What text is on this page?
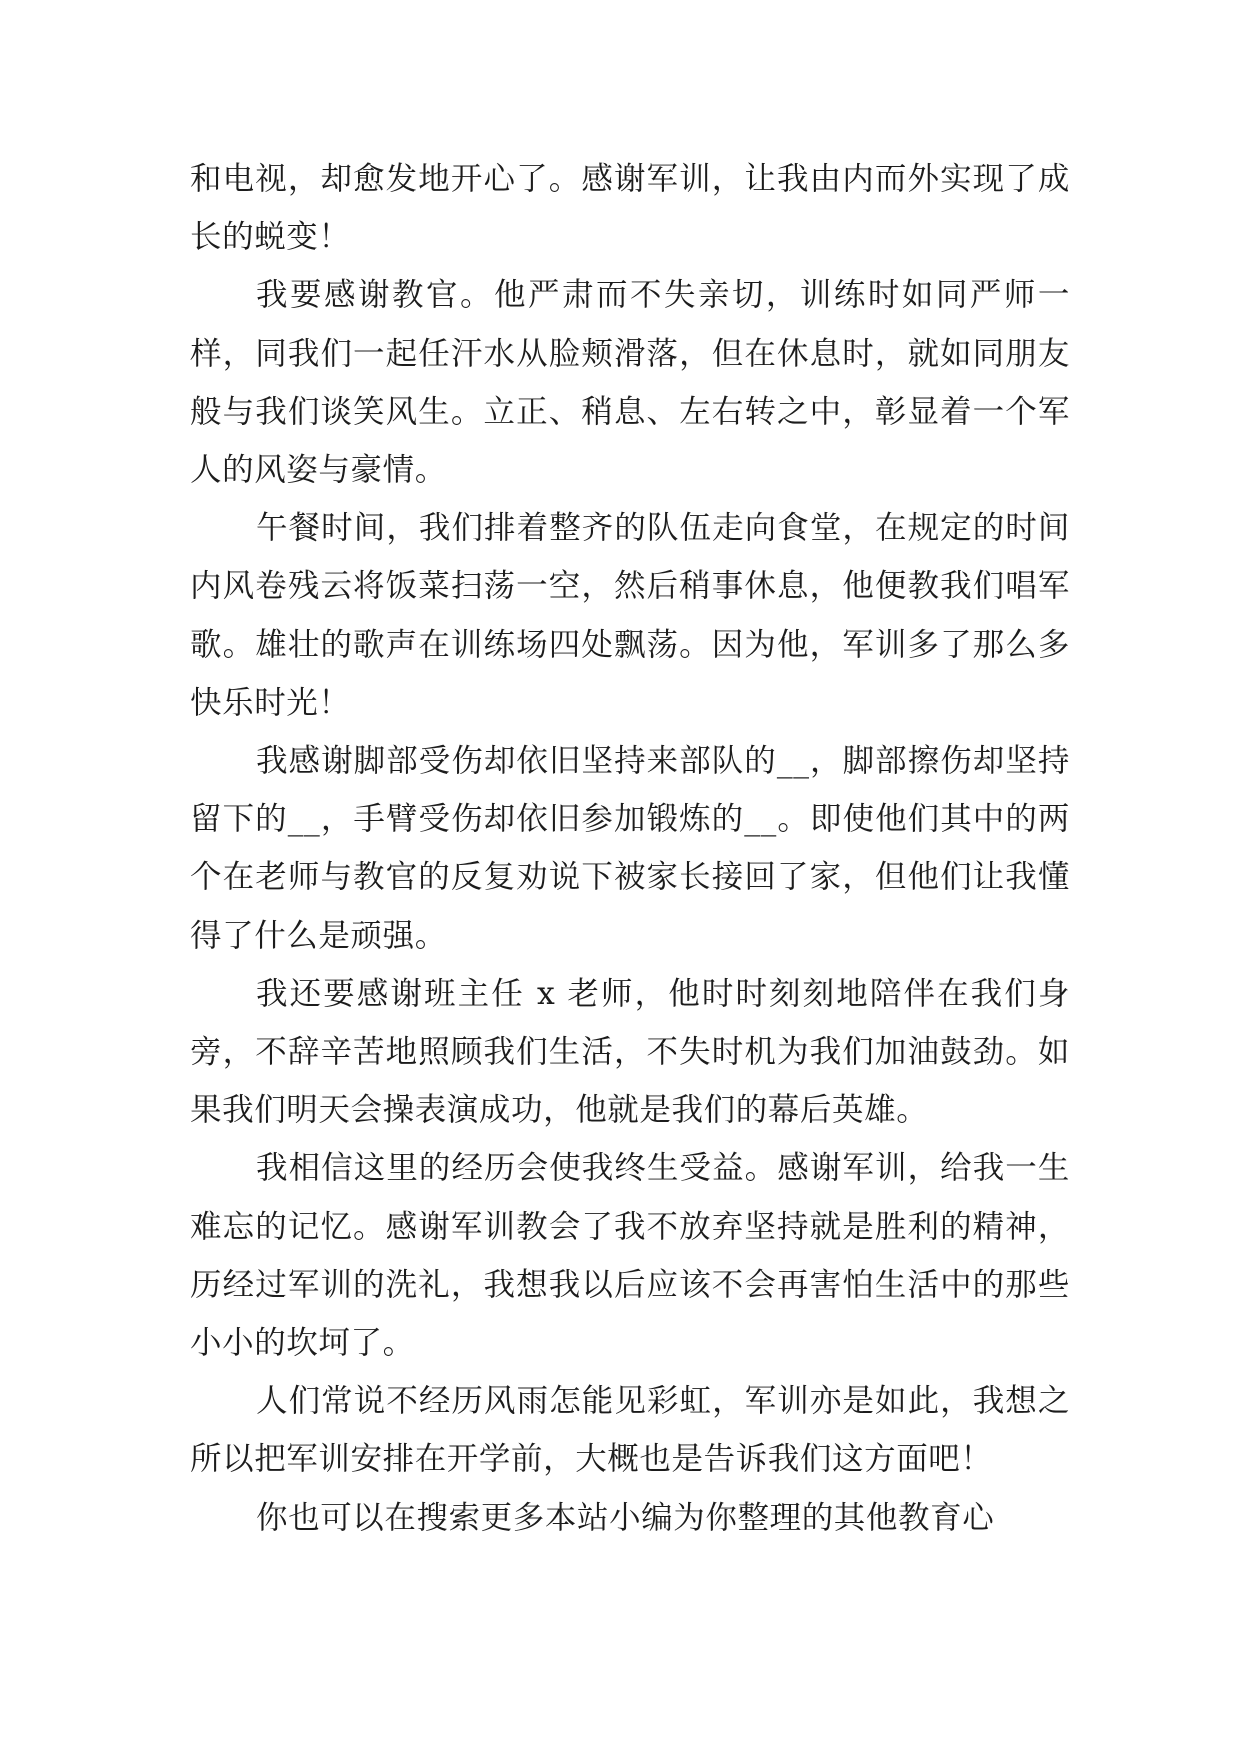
和电视，却愈发地开心了。感谢军训，让我由内而外实现了成长的蜕变！

我要感谢教官。他严肃而不失亲切，训练时如同严师一样，同我们一起任汗水从脸颊滑落，但在休息时，就如同朋友般与我们谈笑风生。立正、稍息、左右转之中，彰显着一个军人的风姿与豪情。

午餐时间，我们排着整齐的队伍走向食堂，在规定的时间内风卷残云将饭菜扫荡一空，然后稍事休息，他便教我们唱军歌。雄壮的歌声在训练场四处飘荡。因为他，军训多了那么多快乐时光！

我感谢脚部受伤却依旧坚持来部队的__，脚部擦伤却坚持留下的__，手臂受伤却依旧参加锻炼的__。即使他们其中的两个在老师与教官的反复劝说下被家长接回了家，但他们让我懂得了什么是顽强。

我还要感谢班主任 x 老师，他时时刻刻地陪伴在我们身旁，不辞辛苦地照顾我们生活，不失时机为我们加油鼓劲。如果我们明天会操表演成功，他就是我们的幕后英雄。

我相信这里的经历会使我终生受益。感谢军训，给我一生难忘的记忆。感谢军训教会了我不放弃坚持就是胜利的精神，历经过军训的洗礼，我想我以后应该不会再害怕生活中的那些小小的坎坷了。

人们常说不经历风雨怎能见彩虹，军训亦是如此，我想之所以把军训安排在开学前，大概也是告诉我们这方面吧！

你也可以在搜索更多本站小编为你整理的其他教育心
